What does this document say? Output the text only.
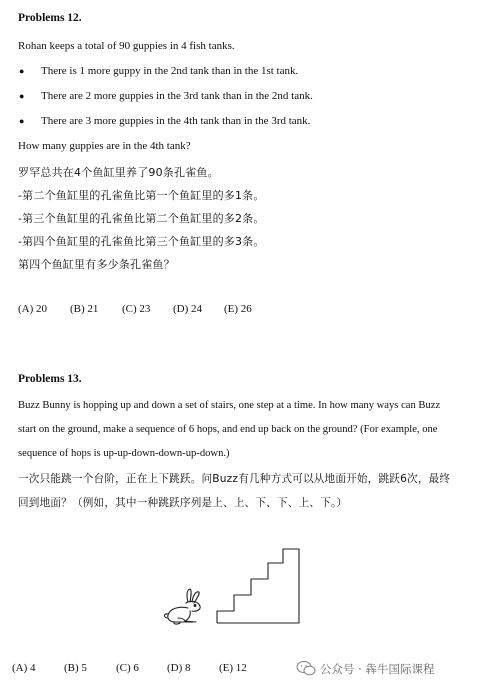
Problems 12.
Rohan keeps a total of 90 guppies in 4 fish tanks.
● There is 1 more guppy in the 2nd tank than in the 1st tank.
● There are 2 more guppies in the 3rd tank than in the 2nd tank.
● There are 3 more guppies in the 4th tank than in the 3rd tank.
How many guppies are in the 4th tank?
罗罕总共在4个鱼缸里养了90条孔雀鱼。
-第二个鱼缸里的孔雀鱼比第一个鱼缸里的多1条。
-第三个鱼缸里的孔雀鱼比第二个鱼缸里的多2条。
-第四个鱼缸里的孔雀鱼比第三个鱼缸里的多3条。
第四个鱼缸里有多少条孔雀鱼？
(A) 20 (B) 21 (C) 23 (D) 24 (E) 26
Problems 13.
Buzz Bunny is hopping up and down a set of stairs, one step at a time. In how many ways can Buzz
start on the ground, make a sequence of 6 hops, and end up back on the ground? (For example, one
sequence of hops is up-up-down-down-up-down.)
一次只能跳一个台阶，正在上下跳跃。问Buzz有几种方式可以从地面开始，跳跃6次，最终
回到地面？（例如，其中一种跳跃序列是上、上、下、下、上、下。）
(A) 4	(B) 5	(C) 6	(D) 8	(E) 12	公众号 · 犇牛国际课程
